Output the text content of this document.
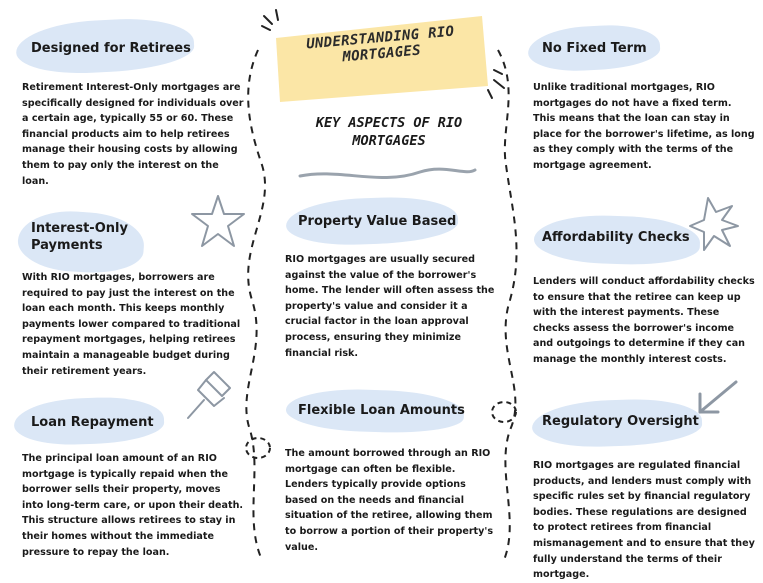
UNDERSTANDING RIO MORTGAGES
KEY ASPECTS OF RIO MORTGAGES
Designed for Retirees
Retirement Interest-Only mortgages are specifically designed for individuals over a certain age, typically 55 or 60. These financial products aim to help retirees manage their housing costs by allowing them to pay only the interest on the loan.
Interest-Only Payments
With RIO mortgages, borrowers are required to pay just the interest on the loan each month. This keeps monthly payments lower compared to traditional repayment mortgages, helping retirees maintain a manageable budget during their retirement years.
Loan Repayment
The principal loan amount of an RIO mortgage is typically repaid when the borrower sells their property, moves into long-term care, or upon their death. This structure allows retirees to stay in their homes without the immediate pressure to repay the loan.
Property Value Based
RIO mortgages are usually secured against the value of the borrower's home. The lender will often assess the property's value and consider it a crucial factor in the loan approval process, ensuring they minimize financial risk.
Flexible Loan Amounts
The amount borrowed through an RIO mortgage can often be flexible. Lenders typically provide options based on the needs and financial situation of the retiree, allowing them to borrow a portion of their property's value.
No Fixed Term
Unlike traditional mortgages, RIO mortgages do not have a fixed term. This means that the loan can stay in place for the borrower's lifetime, as long as they comply with the terms of the mortgage agreement.
Affordability Checks
Lenders will conduct affordability checks to ensure that the retiree can keep up with the interest payments. These checks assess the borrower's income and outgoings to determine if they can manage the monthly interest costs.
Regulatory Oversight
RIO mortgages are regulated financial products, and lenders must comply with specific rules set by financial regulatory bodies. These regulations are designed to protect retirees from financial mismanagement and to ensure that they fully understand the terms of their mortgage.
